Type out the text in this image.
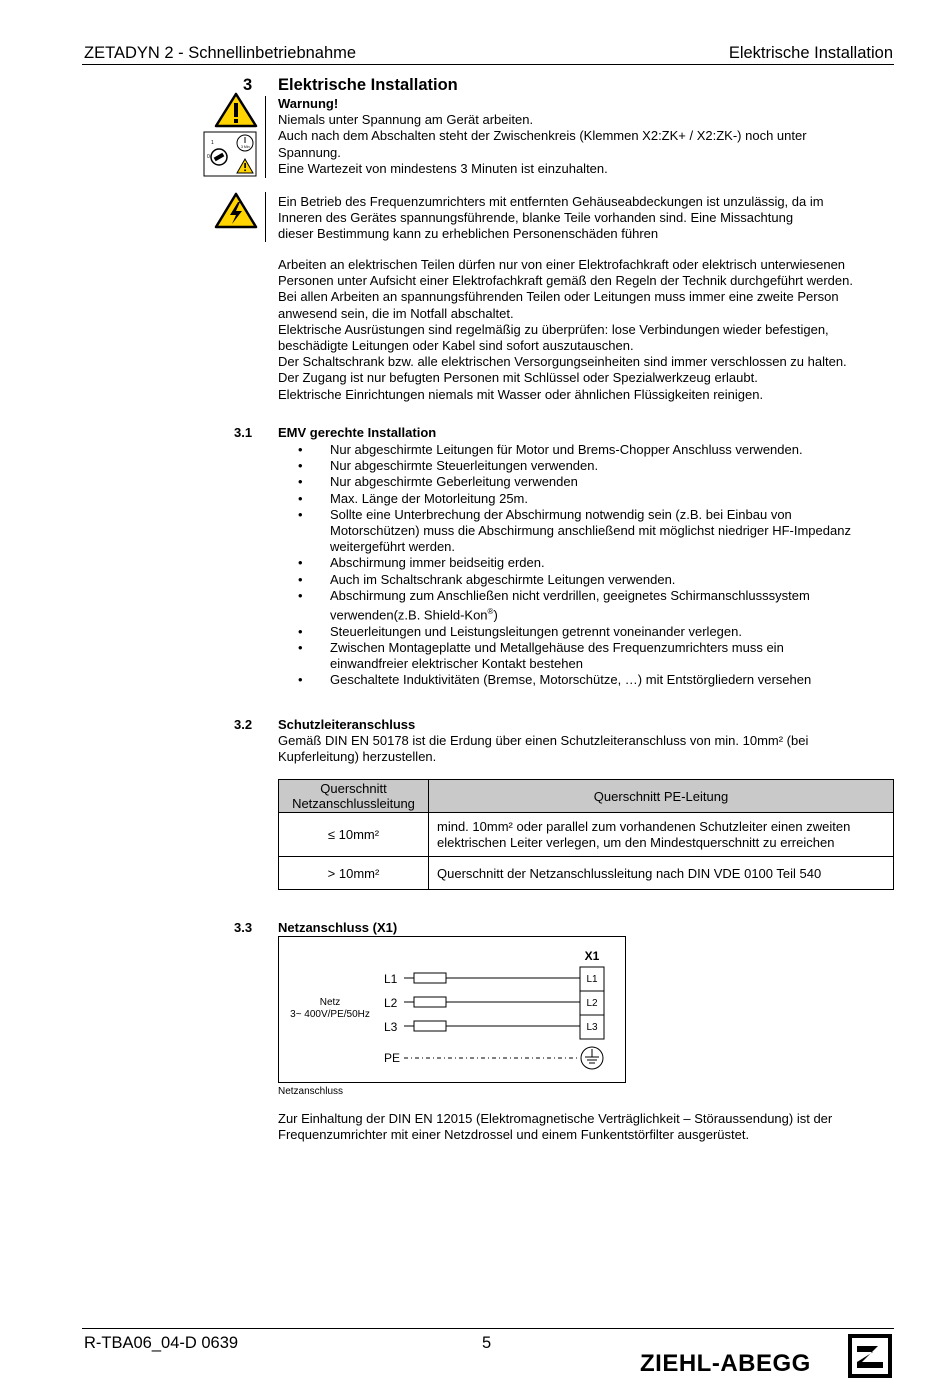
ZETADYN 2 - Schnellinbetriebnahme	Elektrische Installation
3 Elektrische Installation
0
1
3 Min
Warnung!
Niemals unter Spannung am Gerät arbeiten.
Auch nach dem Abschalten steht der Zwischenkreis (Klemmen X2:ZK+ / X2:ZK-) noch unter
Spannung.
Eine Wartezeit von mindestens 3 Minuten ist einzuhalten.
Ein Betrieb des Frequenzumrichters mit entfernten Gehäuseabdeckungen ist unzulässig, da im
Inneren des Gerätes spannungsführende, blanke Teile vorhanden sind. Eine Missachtung
dieser Bestimmung kann zu erheblichen Personenschäden führen
Arbeiten an elektrischen Teilen dürfen nur von einer Elektrofachkraft oder elektrisch unterwiesenen
Personen unter Aufsicht einer Elektrofachkraft gemäß den Regeln der Technik durchgeführt werden.
Bei allen Arbeiten an spannungsführenden Teilen oder Leitungen muss immer eine zweite Person
anwesend sein, die im Notfall abschaltet.
Elektrische Ausrüstungen sind regelmäßig zu überprüfen: lose Verbindungen wieder befestigen,
beschädigte Leitungen oder Kabel sind sofort auszutauschen.
Der Schaltschrank bzw. alle elektrischen Versorgungseinheiten sind immer verschlossen zu halten.
Der Zugang ist nur befugten Personen mit Schlüssel oder Spezialwerkzeug erlaubt.
Elektrische Einrichtungen niemals mit Wasser oder ähnlichen Flüssigkeiten reinigen.
3.1 EMV gerechte Installation
• Nur abgeschirmte Leitungen für Motor und Brems-Chopper Anschluss verwenden.
• Nur abgeschirmte Steuerleitungen verwenden.
• Nur abgeschirmte Geberleitung verwenden
• Max. Länge der Motorleitung 25m.
• Sollte eine Unterbrechung der Abschirmung notwendig sein (z.B. bei Einbau von
Motorschützen) muss die Abschirmung anschließend mit möglichst niedriger HF-Impedanz
weitergeführt werden.
• Abschirmung immer beidseitig erden.
• Auch im Schaltschrank abgeschirmte Leitungen verwenden.
• Abschirmung zum Anschließen nicht verdrillen, geeignetes Schirmanschlusssystem
verwenden(z.B. Shield-Kon®)
• Steuerleitungen und Leistungsleitungen getrennt voneinander verlegen.
• Zwischen Montageplatte und Metallgehäuse des Frequenzumrichters muss ein
einwandfreier elektrischer Kontakt bestehen
• Geschaltete Induktivitäten (Bremse, Motorschütze, …) mit Entstörgliedern versehen
3.2 Schutzleiteranschluss
Gemäß DIN EN 50178 ist die Erdung über einen Schutzleiteranschluss von min. 10mm² (bei
Kupferleitung) herzustellen.
Querschnitt
Netzanschlussleitung	Querschnitt PE-Leitung
≤ 10mm²	mind. 10mm² oder parallel zum vorhandenen Schutzleiter einen zweiten
elektrischen Leiter verlegen, um den Mindestquerschnitt zu erreichen

> 10mm²	Querschnitt der Netzanschlussleitung nach DIN VDE 0100 Teil 540
3.3 Netzanschluss (X1)
Netz
3~ 400V/PE/50Hz
X1
L1
L2
L3
PE
L1
L2
L3
Netzanschluss
Zur Einhaltung der DIN EN 12015 (Elektromagnetische Verträglichkeit – Störaussendung) ist der
Frequenzumrichter mit einer Netzdrossel und einem Funkentstörfilter ausgerüstet.
R-TBA06_04-D 0639	5
ZIEHL-ABEGG
